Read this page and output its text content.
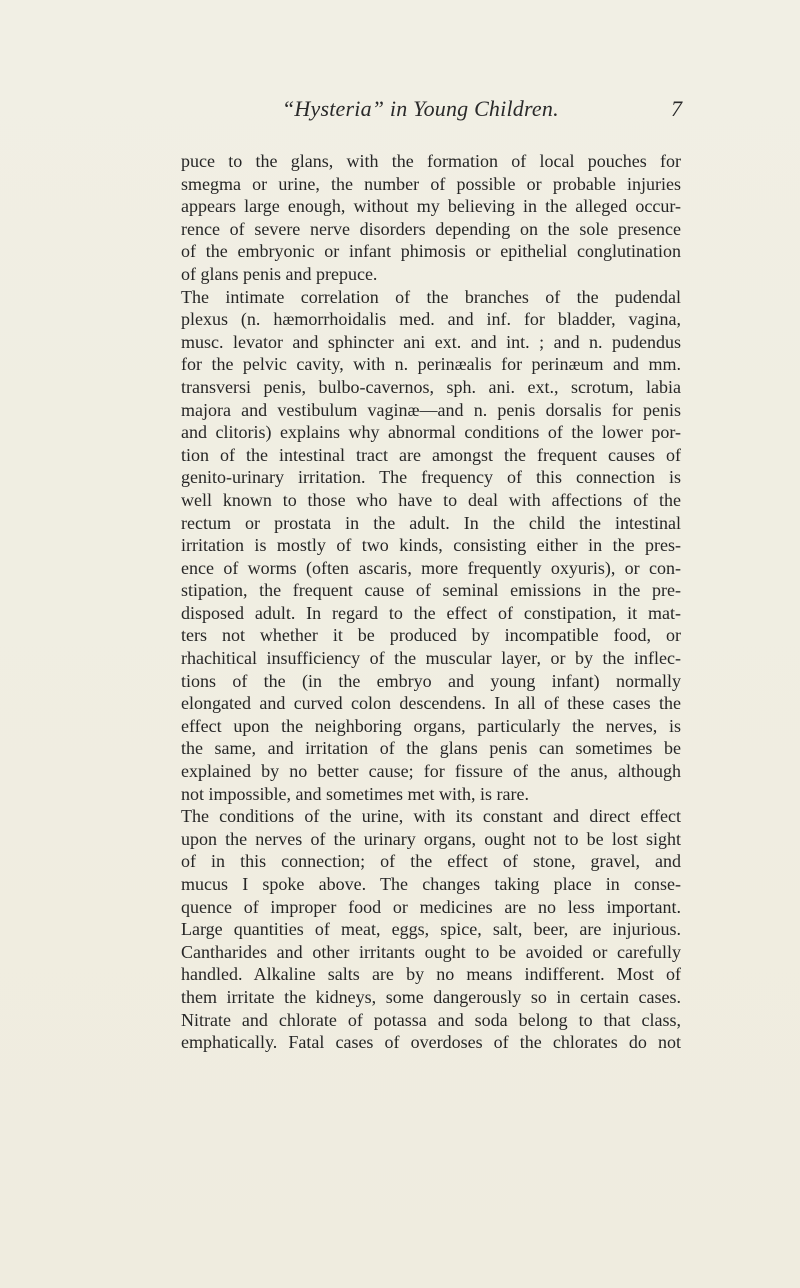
“Hysteria” in Young Children.	7
puce to the glans, with the formation of local pouches for
smegma or urine, the number of possible or probable injuries
appears large enough, without my believing in the alleged occur-
rence of severe nerve disorders depending on the sole presence
of the embryonic or infant phimosis or epithelial conglutination
of glans penis and prepuce.
The intimate correlation of the branches of the pudendal
plexus (n. hæmorrhoidalis med. and inf. for bladder, vagina,
musc. levator and sphincter ani ext. and int. ; and n. pudendus
for the pelvic cavity, with n. perinæalis for perinæum and mm.
transversi penis, bulbo-cavernos, sph. ani. ext., scrotum, labia
majora and vestibulum vaginæ—and n. penis dorsalis for penis
and clitoris) explains why abnormal conditions of the lower por-
tion of the intestinal tract are amongst the frequent causes of
genito-urinary irritation. The frequency of this connection is
well known to those who have to deal with affections of the
rectum or prostata in the adult. In the child the intestinal
irritation is mostly of two kinds, consisting either in the pres-
ence of worms (often ascaris, more frequently oxyuris), or con-
stipation, the frequent cause of seminal emissions in the pre-
disposed adult. In regard to the effect of constipation, it mat-
ters not whether it be produced by incompatible food, or
rhachitical insufficiency of the muscular layer, or by the inflec-
tions of the (in the embryo and young infant) normally
elongated and curved colon descendens. In all of these cases the
effect upon the neighboring organs, particularly the nerves, is
the same, and irritation of the glans penis can sometimes be
explained by no better cause; for fissure of the anus, although
not impossible, and sometimes met with, is rare.
The conditions of the urine, with its constant and direct effect
upon the nerves of the urinary organs, ought not to be lost sight
of in this connection; of the effect of stone, gravel, and
mucus I spoke above. The changes taking place in conse-
quence of improper food or medicines are no less important.
Large quantities of meat, eggs, spice, salt, beer, are injurious.
Cantharides and other irritants ought to be avoided or carefully
handled. Alkaline salts are by no means indifferent. Most of
them irritate the kidneys, some dangerously so in certain cases.
Nitrate and chlorate of potassa and soda belong to that class,
emphatically. Fatal cases of overdoses of the chlorates do not
